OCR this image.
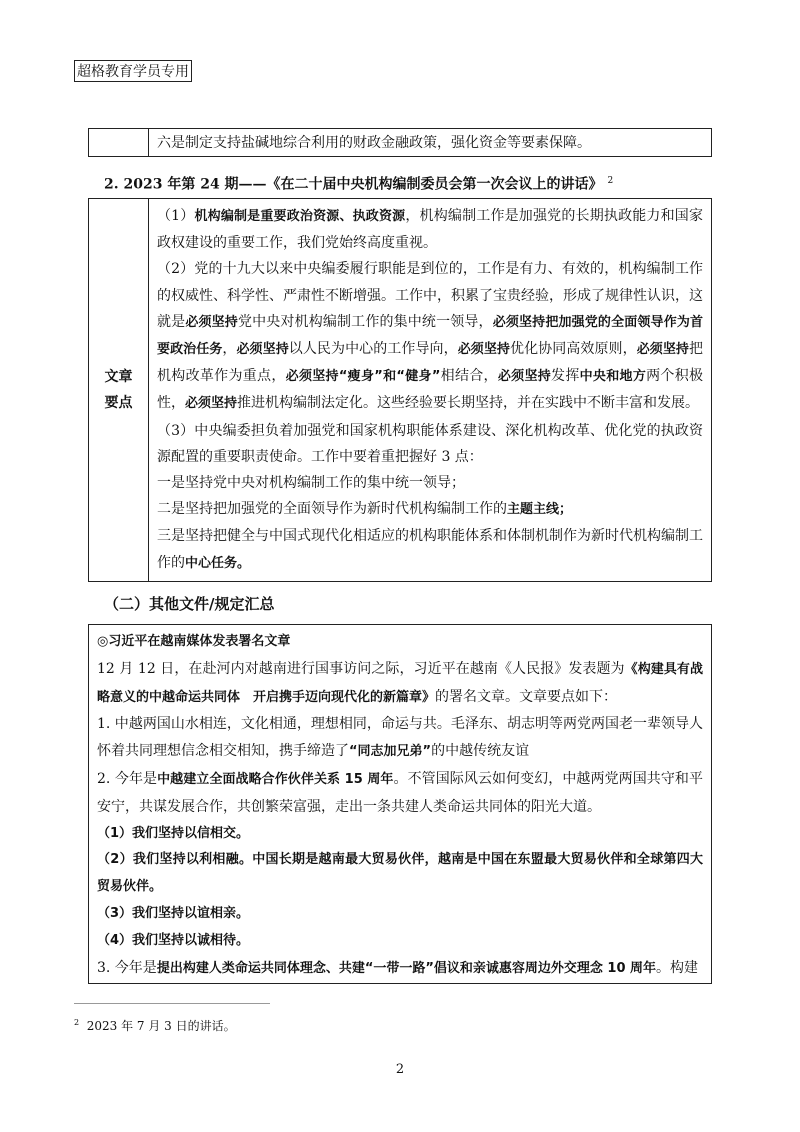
超格教育学员专用
六是制定支持盐碱地综合利用的财政金融政策，强化资金等要素保障。
2. 2023 年第 24 期——《在二十届中央机构编制委员会第一次会议上的讲话》 $^2$
文章
要点

（1）机构编制是重要政治资源、执政资源，机构编制工作是加强党的长期执政能力和国家政权建设的重要工作，我们党始终高度重视。

（2）党的十九大以来中央编委履行职能是到位的，工作是有力、有效的，机构编制工作的权威性、科学性、严肃性不断增强。工作中，积累了宝贵经验，形成了规律性认识，这就是必须坚持党中央对机构编制工作的集中统一领导，必须坚持把加强党的全面领导作为首要政治任务，必须坚持以人民为中心的工作导向，必须坚持优化协同高效原则，必须坚持把机构改革作为重点，必须坚持“瘦身”和“健身”相结合，必须坚持发挥中央和地方两个积极性，必须坚持推进机构编制法定化。这些经验要长期坚持，并在实践中不断丰富和发展。

（3）中央编委担负着加强党和国家机构职能体系建设、深化机构改革、优化党的执政资源配置的重要职责使命。工作中要着重把握好 3 点：

一是坚持党中央对机构编制工作的集中统一领导；

二是坚持把加强党的全面领导作为新时代机构编制工作的主题主线；

三是坚持把健全与中国式现代化相适应的机构职能体系和体制机制作为新时代机构编制工作的中心任务。

（二）其他文件/规定汇总

◎习近平在越南媒体发表署名文章

12 月 12 日，在赴河内对越南进行国事访问之际，习近平在越南《人民报》发表题为《构建具有战略意义的中越命运共同体　开启携手迈向现代化的新篇章》的署名文章。文章要点如下：

1. 中越两国山水相连，文化相通，理想相同，命运与共。毛泽东、胡志明等两党两国老一辈领导人怀着共同理想信念相交相知，携手缔造了“同志加兄弟”的中越传统友谊

2. 今年是中越建立全面战略合作伙伴关系 15 周年。不管国际风云如何变幻，中越两党两国共守和平安宁，共谋发展合作，共创繁荣富强，走出一条共建人类命运共同体的阳光大道。

（1）我们坚持以信相交。

（2）我们坚持以利相融。中国长期是越南最大贸易伙伴，越南是中国在东盟最大贸易伙伴和全球第四大贸易伙伴。

（3）我们坚持以谊相亲。

（4）我们坚持以诚相待。

3. 今年是提出构建人类命运共同体理念、共建“一带一路”倡议和亲诚惠容周边外交理念 10 周年。构建

$^2$ 2023 年 7 月 3 日的讲话。
2
